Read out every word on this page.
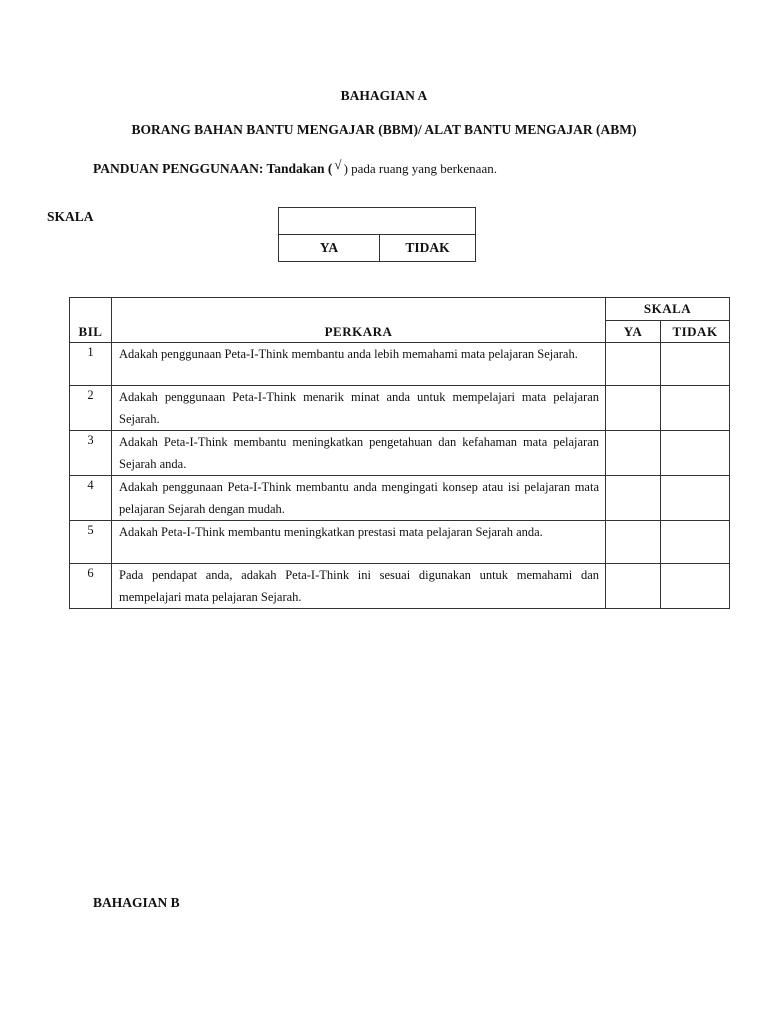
BAHAGIAN A
BORANG BAHAN BANTU MENGAJAR (BBM)/ ALAT BANTU MENGAJAR (ABM)
PANDUAN PENGGUNAAN: Tandakan ( √ ) pada ruang yang berkenaan.
SKALA

YA	TIDAK
BIL	PERKARA	SKALA	
		YA	TIDAK
1	Adakah penggunaan Peta-I-Think membantu anda lebih memahami mata pelajaran Sejarah.		
2	Adakah penggunaan Peta-I-Think menarik minat anda untuk mempelajari mata pelajaran Sejarah.		
3	Adakah Peta-I-Think membantu meningkatkan pengetahuan dan kefahaman mata pelajaran Sejarah anda.		
4	Adakah penggunaan Peta-I-Think membantu anda mengingati konsep atau isi pelajaran mata pelajaran Sejarah dengan mudah.		
5	Adakah Peta-I-Think membantu meningkatkan prestasi mata pelajaran Sejarah anda.		
6	Pada pendapat anda, adakah Peta-I-Think ini sesuai digunakan untuk memahami dan mempelajari mata pelajaran Sejarah.		
BAHAGIAN B
